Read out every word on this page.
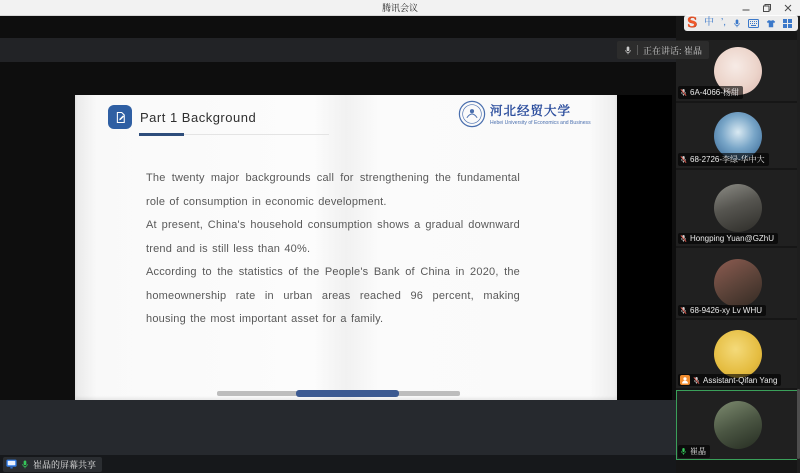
腾讯会议
S 中 ’,
正在讲话: 崔晶
Part 1 Background	河北经贸大学
Hebei University of Economics and Business

The twenty major backgrounds call for strengthening the fundamental role of consumption in economic development.

At present, China's household consumption shows a gradual downward trend and is still less than 40%.

According to the statistics of the People's Bank of China in 2020, the homeownership rate in urban areas reached 96 percent, making housing the most important asset for a family.

崔晶的屏幕共享
6A-4066-杨甜
68-2726-李绿-华中大
Hongping Yuan@GZhU
68-9426-xy Lv WHU
Assistant-Qifan Yang
崔晶
